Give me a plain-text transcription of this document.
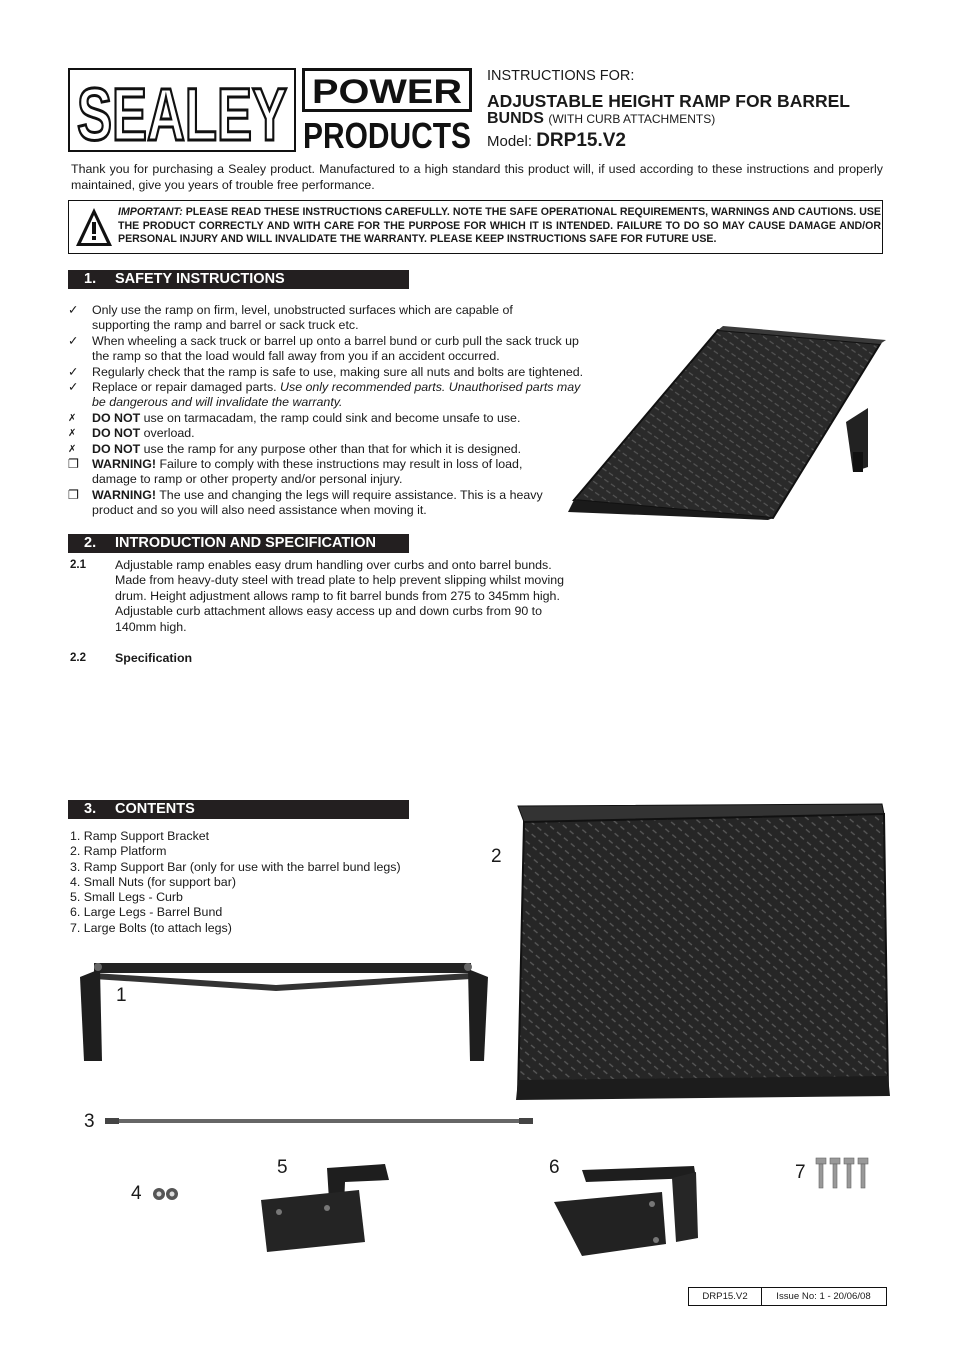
SEALEY POWER
PRODUCTS
INSTRUCTIONS FOR:
ADJUSTABLE HEIGHT RAMP FOR BARREL
BUNDS (WITH CURB ATTACHMENTS)
Model: DRP15.V2
Thank you for purchasing a Sealey product. Manufactured to a high standard this product will, if used according to these instructions and properly maintained, give you years of trouble free performance.
IMPORTANT: PLEASE READ THESE INSTRUCTIONS CAREFULLY. NOTE THE SAFE OPERATIONAL REQUIREMENTS, WARNINGS AND CAUTIONS. USE THE PRODUCT CORRECTLY AND WITH CARE FOR THE PURPOSE FOR WHICH IT IS INTENDED. FAILURE TO DO SO MAY CAUSE DAMAGE AND/OR PERSONAL INJURY AND WILL INVALIDATE THE WARRANTY. PLEASE KEEP INSTRUCTIONS SAFE FOR FUTURE USE.
1. SAFETY INSTRUCTIONS
✓	Only use the ramp on firm, level, unobstructed surfaces which are capable of supporting the ramp and barrel or sack truck etc.
✓	When wheeling a sack truck or barrel up onto a barrel bund or curb pull the sack truck up the ramp so that the load would fall away from you if an accident occurred.
✓	Regularly check that the ramp is safe to use, making sure all nuts and bolts are tightened.
✓	Replace or repair damaged parts. Use only recommended parts. Unauthorised parts may be dangerous and will invalidate the warranty.
✗	DO NOT use on tarmacadam, the ramp could sink and become unsafe to use.
✗	DO NOT overload.
✗	DO NOT use the ramp for any purpose other than that for which it is designed.
❐	WARNING! Failure to comply with these instructions may result in loss of load, damage to ramp or other property and/or personal injury.
❐	WARNING! The use and changing the legs will require assistance. This is a heavy product and so you will also need assistance when moving it.
2. INTRODUCTION AND SPECIFICATION
2.1 Adjustable ramp enables easy drum handling over curbs and onto barrel bunds. Made from heavy-duty steel with tread plate to help prevent slipping whilst moving drum. Height adjustment allows ramp to fit barrel bunds from 275 to 345mm high. Adjustable curb attachment allows easy access up and down curbs from 90 to 140mm high.
2.2 Specification
3. CONTENTS
1. Ramp Support Bracket
2. Ramp Platform
3. Ramp Support Bar (only for use with the barrel bund legs)
4. Small Nuts (for support bar)
5. Small Legs - Curb
6. Large Legs - Barrel Bund
7. Large Bolts (to attach legs)
2
1
3
4
5	6	7
DRP15.V2	Issue No: 1 - 20/06/08
